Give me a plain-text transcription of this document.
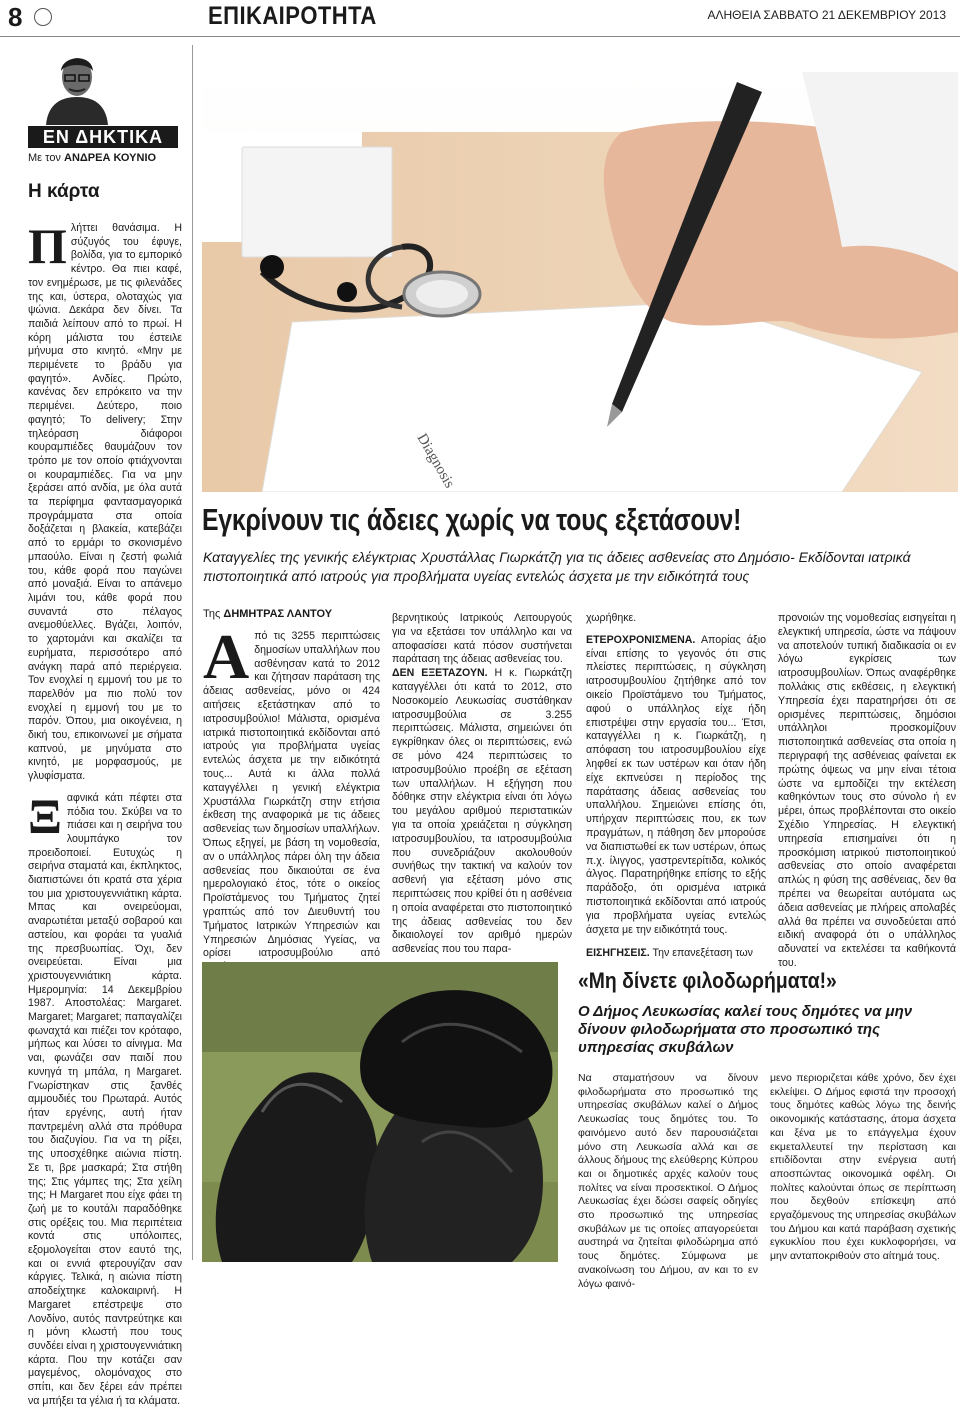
8	ΕΠΙΚΑΙΡΟΤΗΤΑ	ΑΛΗΘΕΙΑ ΣΑΒΒΑΤΟ 21 ΔΕΚΕΜΒΡΙΟΥ 2013
ΕΝ ΔΗΚΤΙΚΑ
Με τον ΑΝΔΡΕΑ ΚΟΥΝΙΟ
Η κάρτα

Πλήττει θανάσιμα. Η σύζυγός του έφυγε, βολίδα, για το εμπορικό κέντρο. Θα πιει καφέ, τον ενημέρωσε, με τις φιλενάδες της και, ύστερα, ολοταχώς για ψώνια. Δεκάρα δεν δίνει. Τα παιδιά λείπουν από το πρωί. Η κόρη μάλιστα του έστειλε μήνυμα στο κινητό. «Μην με περιμένετε το βράδυ για φαγητό». Ανδίες. Πρώτο, κανένας δεν επρόκειτο να την περιμένει. Δεύτερο, ποιο φαγητό; Το delivery; Στην τηλεόραση διάφοροι κουραμπιέδες θαυμάζουν τον τρόπο με τον οποίο φτιάχνονται οι κουραμπιέδες. Για να μην ξεράσει από ανδία, με όλα αυτά τα περίφημα φαντασμαγορικά προγράμματα στα οποία δοξάζεται η βλακεία, κατεβάζει από το ερμάρι το σκονισμένο μπαούλο. Είναι η ζεστή φωλιά του, κάθε φορά που παγώνει από μοναξιά. Είναι το απάνεμο λιμάνι του, κάθε φορά που συναντά στο πέλαγος ανεμοθύελλες. Βγάζει, λοιπόν, το χαρτομάνι και σκαλίζει τα ευρήματα, περισσότερο από ανάγκη παρά από περιέργεια. Τον ενοχλεί η εμμονή του με το παρελθόν μα πιο πολύ τον ενοχλεί η εμμονή του με το παρόν. Όπου, μια οικογένεια, η δική του, επικοινωνεί με σήματα καπνού, με μηνύματα στο κινητό, με μορφασμούς, με γλυφίσματα.

Ξαφνικά κάτι πέφτει στα πόδια του. Σκύβει να το πιάσει και η σειρήνα του λουμπάγκο τον προειδοποιεί. Ευτυχώς η σειρήνα σταματά και, έκπληκτος, διαπιστώνει ότι κρατά στα χέρια του μια χριστουγεννιάτικη κάρτα. Μπας και ονειρεύομαι, αναρωτιέται μεταξύ σοβαρού και αστείου, και φοράει τα γυαλιά της πρεσβυωπίας. Όχι, δεν ονειρεύεται. Είναι μια χριστουγεννιάτικη κάρτα. Ημερομηνία: 14 Δεκεμβρίου 1987. Αποστολέας: Margaret. Margaret; Margaret; παπαγαλίζει φωναχτά και πιέζει τον κρόταφο, μήπως και λύσει το αίνιγμα. Μα ναι, φωνάζει σαν παιδί που κυνηγά τη μπάλα, η Margaret. Γνωρίστηκαν στις ξανθές αμμουδιές του Πρωταρά. Αυτός ήταν εργένης, αυτή ήταν παντρεμένη αλλά στα πρόθυρα του διαζυγίου. Για να τη ρίξει, της υποσχέθηκε αιώνια πίστη. Σε τι, βρε μασκαρά; Στα στήθη της; Στις γάμπες της; Στα χείλη της; Η Margaret που είχε φάει τη ζωή με το κουτάλι παραδόθηκε στις ορέξεις του. Μια περιπέτεια κοντά στις υπόλοιπες, εξομολογείται στον εαυτό της, και οι εννιά φτερουγίζαν σαν κάργιες. Τελικά, η αιώνια πίστη αποδείχτηκε καλοκαιρινή. Η Margaret επέστρεψε στο Λονδίνο, αυτός παντρεύτηκε και η μόνη κλωστή που τους συνδέει είναι η χριστουγεννιάτικη κάρτα. Που την κοτάζει σαν μαγεμένος, ολομόναχος στο σπίτι, και δεν ξέρει εάν πρέπει να μπήξει τα γέλια ή τα κλάματα.

Diagnosis
Εγκρίνουν τις άδειες χωρίς να τους εξετάσουν!
Καταγγελίες της γενικής ελέγκτριας Χρυστάλλας Γιωρκάτζη για τις άδειες ασθενείας στο Δημόσιο- Εκδίδονται ιατρικά πιστοποιητικά από ιατρούς για προβλήματα υγείας εντελώς άσχετα με την ειδικότητά τους
Της ΔΗΜΗΤΡΑΣ ΛΑΝΤΟΥ

Από τις 3255 περιπτώσεις δημοσίων υπαλλήλων που ασθένησαν κατά το 2012 και ζήτησαν παράταση της άδειας ασθενείας, μόνο οι 424 αιτήσεις εξετάστηκαν από το ιατροσυμβούλιο! Μάλιστα, ορισμένα ιατρικά πιστοποιητικά εκδίδονται από ιατρούς για προβλήματα υγείας εντελώς άσχετα με την ειδικότητά τους... Αυτά κι άλλα πολλά καταγγέλλει η γενική ελέγκτρια Χρυστάλλα Γιωρκάτζη στην ετήσια έκθεση της αναφορικά με τις άδειες ασθενείας των δημοσίων υπαλλήλων. Όπως εξηγεί, με βάση τη νομοθεσία, αν ο υπάλληλος πάρει όλη την άδεια ασθενείας που δικαιούται σε ένα ημερολογιακό έτος, τότε ο οικείος Προϊστάμενος του Τμήματος ζητεί γραπτώς από τον Διευθυντή του Τμήματος Ιατρικών Υπηρεσιών και Υπηρεσιών Δημόσιας Υγείας, να ορίσει ιατροσυμβούλιο από

βερνητικούς Ιατρικούς Λειτουργούς για να εξετάσει τον υπάλληλο και να αποφασίσει κατά πόσον συστήνεται παράταση της άδειας ασθενείας του.

ΔΕΝ ΕΞΕΤΑΖΟΥΝ. Η κ. Γιωρκάτζη καταγγέλλει ότι κατά το 2012, στο Νοσοκομείο Λευκωσίας συστάθηκαν ιατροσυμβούλια σε 3.255 περιπτώσεις. Μάλιστα, σημειώνει ότι εγκρίθηκαν όλες οι περιπτώσεις, ενώ σε μόνο 424 περιπτώσεις το ιατροσυμβούλιο προέβη σε εξέταση των υπαλλήλων. Η εξήγηση που δόθηκε στην ελέγκτρια είναι ότι λόγω του μεγάλου αριθμού περιστατικών για τα οποία χρειάζεται η σύγκληση ιατροσυμβουλίου, τα ιατροσυμβούλια που συνεδριάζουν ακολουθούν συνήθως την τακτική να καλούν τον ασθενή για εξέταση μόνο στις περιπτώσεις που κρίθεί ότι η ασθένεια η οποία αναφέρεται στο πιστοποιητικό της άδειας ασθενείας του δεν δικαιολογεί τον αριθμό ημερών ασθενείας που του παρα-

χωρήθηκε.

ΕΤΕΡΟΧΡΟΝΙΣΜΕΝΑ. Απορίας άξιο είναι επίσης το γεγονός ότι στις πλείστες περιπτώσεις, η σύγκληση ιατροσυμβουλίου ζητήθηκε από τον οικείο Προϊστάμενο του Τμήματος, αφού ο υπάλληλος είχε ήδη επιστρέψει στην εργασία του... Έτσι, καταγγέλλει η κ. Γιωρκάτζη, η απόφαση του ιατροσυμβουλίου είχε ληφθεί εκ των υστέρων και όταν ήδη είχε εκπνεύσει η περίοδος της παράτασης άδειας ασθενείας του υπαλλήλου. Σημειώνει επίσης ότι, υπήρχαν περιπτώσεις που, εκ των πραγμάτων, η πάθηση δεν μπορούσε να διαπιστωθεί εκ των υστέρων, όπως π.χ. ίλιγγος, γαστρεντερίτιδα, κολικός άλγος. Παρατηρήθηκε επίσης το εξής παράδοξο, ότι ορισμένα ιατρικά πιστοποιητικά εκδίδονται από ιατρούς για προβλήματα υγείας εντελώς άσχετα με την ειδικότητά τους.

ΕΙΣΗΓΗΣΕΙΣ. Την επανεξέταση των

προνοιών της νομοθεσίας εισηγείται η ελεγκτική υπηρεσία, ώστε να πάψουν να αποτελούν τυπική διαδικασία οι εν λόγω εγκρίσεις των ιατροσυμβουλίων. Όπως αναφέρθηκε πολλάκις στις εκθέσεις, η ελεγκτική Υπηρεσία έχει παρατηρήσει ότι σε ορισμένες περιπτώσεις, δημόσιοι υπάλληλοι προσκομίζουν πιστοποιητικά ασθενείας στα οποία η περιγραφή της ασθένειας φαίνεται εκ πρώτης όψεως να μην είναι τέτοια ώστε να εμποδίζει την εκτέλεση καθηκόντων τους στο σύνολο ή εν μέρει, όπως προβλέπονται στο οικείο Σχέδιο Υπηρεσίας. Η ελεγκτική υπηρεσία επισημαίνει ότι η προσκόμιση ιατρικού πιστοποιητικού ασθενείας στο οποίο αναφέρεται απλώς η φύση της ασθένειας, δεν θα πρέπει να θεωρείται αυτόματα ως άδεια ασθενείας με πλήρεις απολαβές αλλά θα πρέπει να συνοδεύεται από ειδική αναφορά ότι ο υπάλληλος αδυνατεί να εκτελέσει τα καθήκοντά του.

«Μη δίνετε φιλοδωρήματα!»
Ο Δήμος Λευκωσίας καλεί τους δημότες να μην δίνουν φιλοδωρήματα στο προσωπικό της υπηρεσίας σκυβάλων

Να σταματήσουν να δίνουν φιλοδωρήματα στο προσωπικό της υπηρεσίας σκυβάλων καλεί ο Δήμος Λευκωσίας τους δημότες του. Το φαινόμενο αυτό δεν παρουσιάζεται μόνο στη Λευκωσία αλλά και σε άλλους δήμους της ελεύθερης Κύπρου και οι δημοτικές αρχές καλούν τους πολίτες να είναι προσεκτικοί. Ο Δήμος Λευκωσίας έχει δώσει σαφείς οδηγίες στο προσωπικό της υπηρεσίας σκυβάλων με τις οποίες απαγορεύεται αυστηρά να ζητείται φιλοδώρημα από τους δημότες. Σύμφωνα με ανακοίνωση του Δήμου, αν και το εν λόγω φαινό-

μενο περιοριζεται κάθε χρόνο, δεν έχει εκλείψει. Ο Δήμος εφιστά την προσοχή τους δημότες καθώς λόγω της δεινής οικονομικής κατάστασης, άτομα άσχετα και ξένα με το επάγγελμα έχουν εκμεταλλευτεί την περίσταση και επιδίδονται στην ενέργεια αυτή αποσπώντας οικονομικά οφέλη. Οι πολίτες καλούνται όπως σε περίπτωση που δεχθούν επίσκεψη από εργαζόμενους της υπηρεσίας σκυβάλων του Δήμου και κατά παράβαση σχετικής εγκυκλίου που έχει κυκλοφορήσει, να μην ανταποκριθούν στο αίτημά τους.
